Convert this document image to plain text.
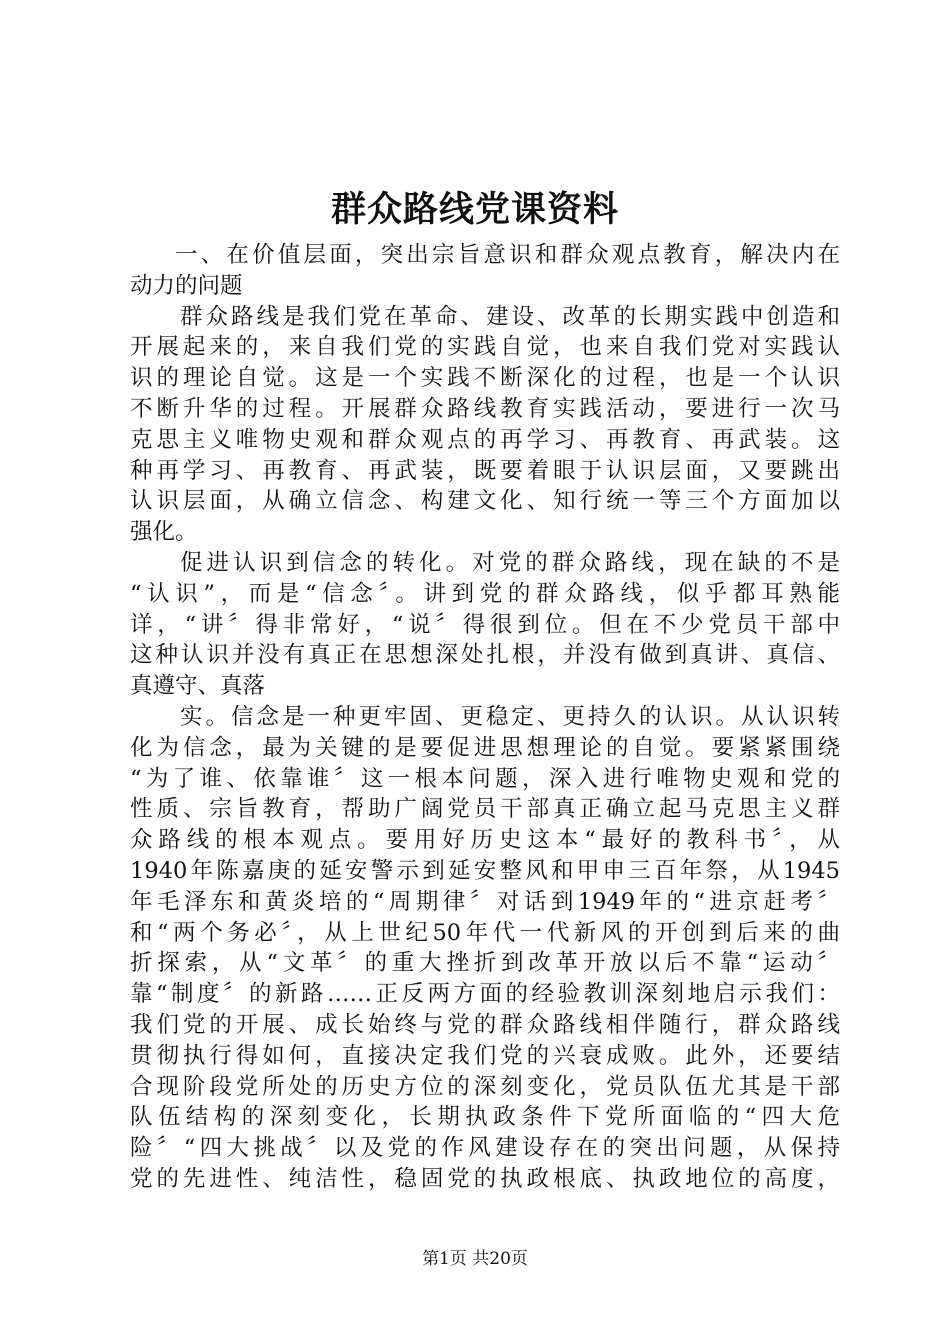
群众路线党课资料
一、在价值层面，突出宗旨意识和群众观点教育，解决内在
动力的问题
群众路线是我们党在革命、建设、改革的长期实践中创造和
开展起来的，来自我们党的实践自觉，也来自我们党对实践认
识的理论自觉。这是一个实践不断深化的过程，也是一个认识
不断升华的过程。开展群众路线教育实践活动，要进行一次马
克思主义唯物史观和群众观点的再学习、再教育、再武装。这
种再学习、再教育、再武装，既要着眼于认识层面，又要跳出
认识层面，从确立信念、构建文化、知行统一等三个方面加以
强化。
促进认识到信念的转化。对党的群众路线，现在缺的不是
“认识”，而是“信念〞。讲到党的群众路线，似乎都耳熟能
详，“讲〞得非常好，“说〞得很到位。但在不少党员干部中
这种认识并没有真正在思想深处扎根，并没有做到真讲、真信、
真遵守、真落
实。信念是一种更牢固、更稳定、更持久的认识。从认识转
化为信念，最为关键的是要促进思想理论的自觉。要紧紧围绕
“为了谁、依靠谁〞这一根本问题，深入进行唯物史观和党的
性质、宗旨教育，帮助广阔党员干部真正确立起马克思主义群
众路线的根本观点。要用好历史这本“最好的教科书〞，从
1940年陈嘉庚的延安警示到延安整风和甲申三百年祭，从1945
年毛泽东和黄炎培的“周期律〞对话到1949年的“进京赶考〞
和“两个务必〞，从上世纪50年代一代新风的开创到后来的曲
折探索，从“文革〞的重大挫折到改革开放以后不靠“运动〞
靠“制度〞的新路……正反两方面的经验教训深刻地启示我们：
我们党的开展、成长始终与党的群众路线相伴随行，群众路线
贯彻执行得如何，直接决定我们党的兴衰成败。此外，还要结
合现阶段党所处的历史方位的深刻变化，党员队伍尤其是干部
队伍结构的深刻变化，长期执政条件下党所面临的“四大危
险〞“四大挑战〞以及党的作风建设存在的突出问题，从保持
党的先进性、纯洁性，稳固党的执政根底、执政地位的高度，
第1页 共20页
